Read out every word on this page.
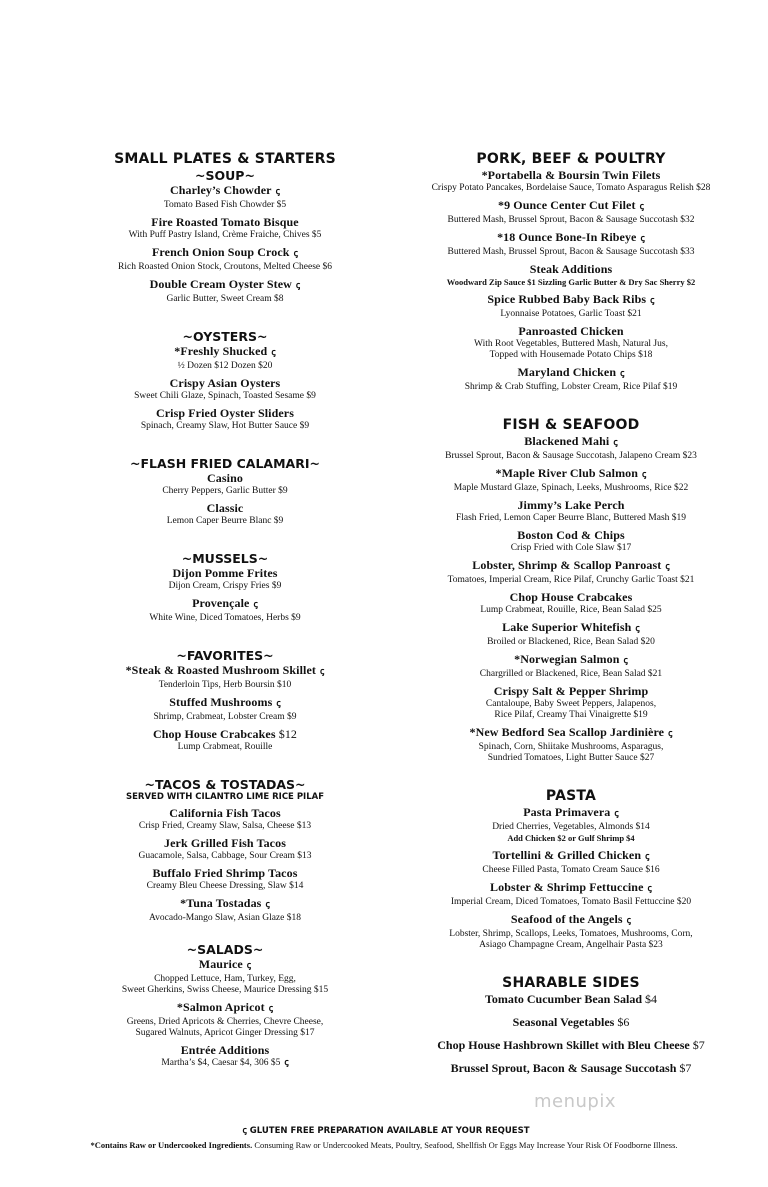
SMALL PLATES & STARTERS
~SOUP~
Charley’s Chowder ꞔ
Tomato Based Fish Chowder $5
Fire Roasted Tomato Bisque
With Puff Pastry Island, Crème Fraiche, Chives $5
French Onion Soup Crock ꞔ
Rich Roasted Onion Stock, Croutons, Melted Cheese $6
Double Cream Oyster Stew ꞔ
Garlic Butter, Sweet Cream $8
~OYSTERS~
*Freshly Shucked ꞔ
½ Dozen $12 Dozen $20
Crispy Asian Oysters
Sweet Chili Glaze, Spinach, Toasted Sesame $9
Crisp Fried Oyster Sliders
Spinach, Creamy Slaw, Hot Butter Sauce $9
~FLASH FRIED CALAMARI~
Casino
Cherry Peppers, Garlic Butter $9
Classic
Lemon Caper Beurre Blanc $9
~MUSSELS~
Dijon Pomme Frites
Dijon Cream, Crispy Fries $9
Provençale ꞔ
White Wine, Diced Tomatoes, Herbs $9
~FAVORITES~
*Steak & Roasted Mushroom Skillet ꞔ
Tenderloin Tips, Herb Boursin $10
Stuffed Mushrooms ꞔ
Shrimp, Crabmeat, Lobster Cream $9
Chop House Crabcakes $12
Lump Crabmeat, Rouille
~TACOS & TOSTADAS~
SERVED WITH CILANTRO LIME RICE PILAF
California Fish Tacos
Crisp Fried, Creamy Slaw, Salsa, Cheese $13
Jerk Grilled Fish Tacos
Guacamole, Salsa, Cabbage, Sour Cream $13
Buffalo Fried Shrimp Tacos
Creamy Bleu Cheese Dressing, Slaw $14
*Tuna Tostadas ꞔ
Avocado-Mango Slaw, Asian Glaze $18
~SALADS~
Maurice ꞔ
Chopped Lettuce, Ham, Turkey, Egg,
Sweet Gherkins, Swiss Cheese, Maurice Dressing $15
*Salmon Apricot ꞔ
Greens, Dried Apricots & Cherries, Chevre Cheese,
Sugared Walnuts, Apricot Ginger Dressing $17
Entrée Additions
Martha’s $4, Caesar $4, 306 $5 ꞔ
PORK, BEEF & POULTRY
*Portabella & Boursin Twin Filets
Crispy Potato Pancakes, Bordelaise Sauce, Tomato Asparagus Relish $28
*9 Ounce Center Cut Filet ꞔ
Buttered Mash, Brussel Sprout, Bacon & Sausage Succotash $32
*18 Ounce Bone-In Ribeye ꞔ
Buttered Mash, Brussel Sprout, Bacon & Sausage Succotash $33
Steak Additions
Woodward Zip Sauce $1 Sizzling Garlic Butter & Dry Sac Sherry $2
Spice Rubbed Baby Back Ribs ꞔ
Lyonnaise Potatoes, Garlic Toast $21
Panroasted Chicken
With Root Vegetables, Buttered Mash, Natural Jus,
Topped with Housemade Potato Chips $18
Maryland Chicken ꞔ
Shrimp & Crab Stuffing, Lobster Cream, Rice Pilaf $19
FISH & SEAFOOD
Blackened Mahi ꞔ
Brussel Sprout, Bacon & Sausage Succotash, Jalapeno Cream $23
*Maple River Club Salmon ꞔ
Maple Mustard Glaze, Spinach, Leeks, Mushrooms, Rice $22
Jimmy’s Lake Perch
Flash Fried, Lemon Caper Beurre Blanc, Buttered Mash $19
Boston Cod & Chips
Crisp Fried with Cole Slaw $17
Lobster, Shrimp & Scallop Panroast ꞔ
Tomatoes, Imperial Cream, Rice Pilaf, Crunchy Garlic Toast $21
Chop House Crabcakes
Lump Crabmeat, Rouille, Rice, Bean Salad $25
Lake Superior Whitefish ꞔ
Broiled or Blackened, Rice, Bean Salad $20
*Norwegian Salmon ꞔ
Chargrilled or Blackened, Rice, Bean Salad $21
Crispy Salt & Pepper Shrimp
Cantaloupe, Baby Sweet Peppers, Jalapenos,
Rice Pilaf, Creamy Thai Vinaigrette $19
*New Bedford Sea Scallop Jardinière ꞔ
Spinach, Corn, Shiitake Mushrooms, Asparagus,
Sundried Tomatoes, Light Butter Sauce $27
PASTA
Pasta Primavera ꞔ
Dried Cherries, Vegetables, Almonds $14
Add Chicken $2 or Gulf Shrimp $4
Tortellini & Grilled Chicken ꞔ
Cheese Filled Pasta, Tomato Cream Sauce $16
Lobster & Shrimp Fettuccine ꞔ
Imperial Cream, Diced Tomatoes, Tomato Basil Fettuccine $20
Seafood of the Angels ꞔ
Lobster, Shrimp, Scallops, Leeks, Tomatoes, Mushrooms, Corn,
Asiago Champagne Cream, Angelhair Pasta $23
SHARABLE SIDES
Tomato Cucumber Bean Salad $4
Seasonal Vegetables $6
Chop House Hashbrown Skillet with Bleu Cheese $7
Brussel Sprout, Bacon & Sausage Succotash $7
menupix
ꞔ GLUTEN FREE PREPARATION AVAILABLE AT YOUR REQUEST
*Contains Raw or Undercooked Ingredients. Consuming Raw or Undercooked Meats, Poultry, Seafood, Shellfish Or Eggs May Increase Your Risk Of Foodborne Illness.
